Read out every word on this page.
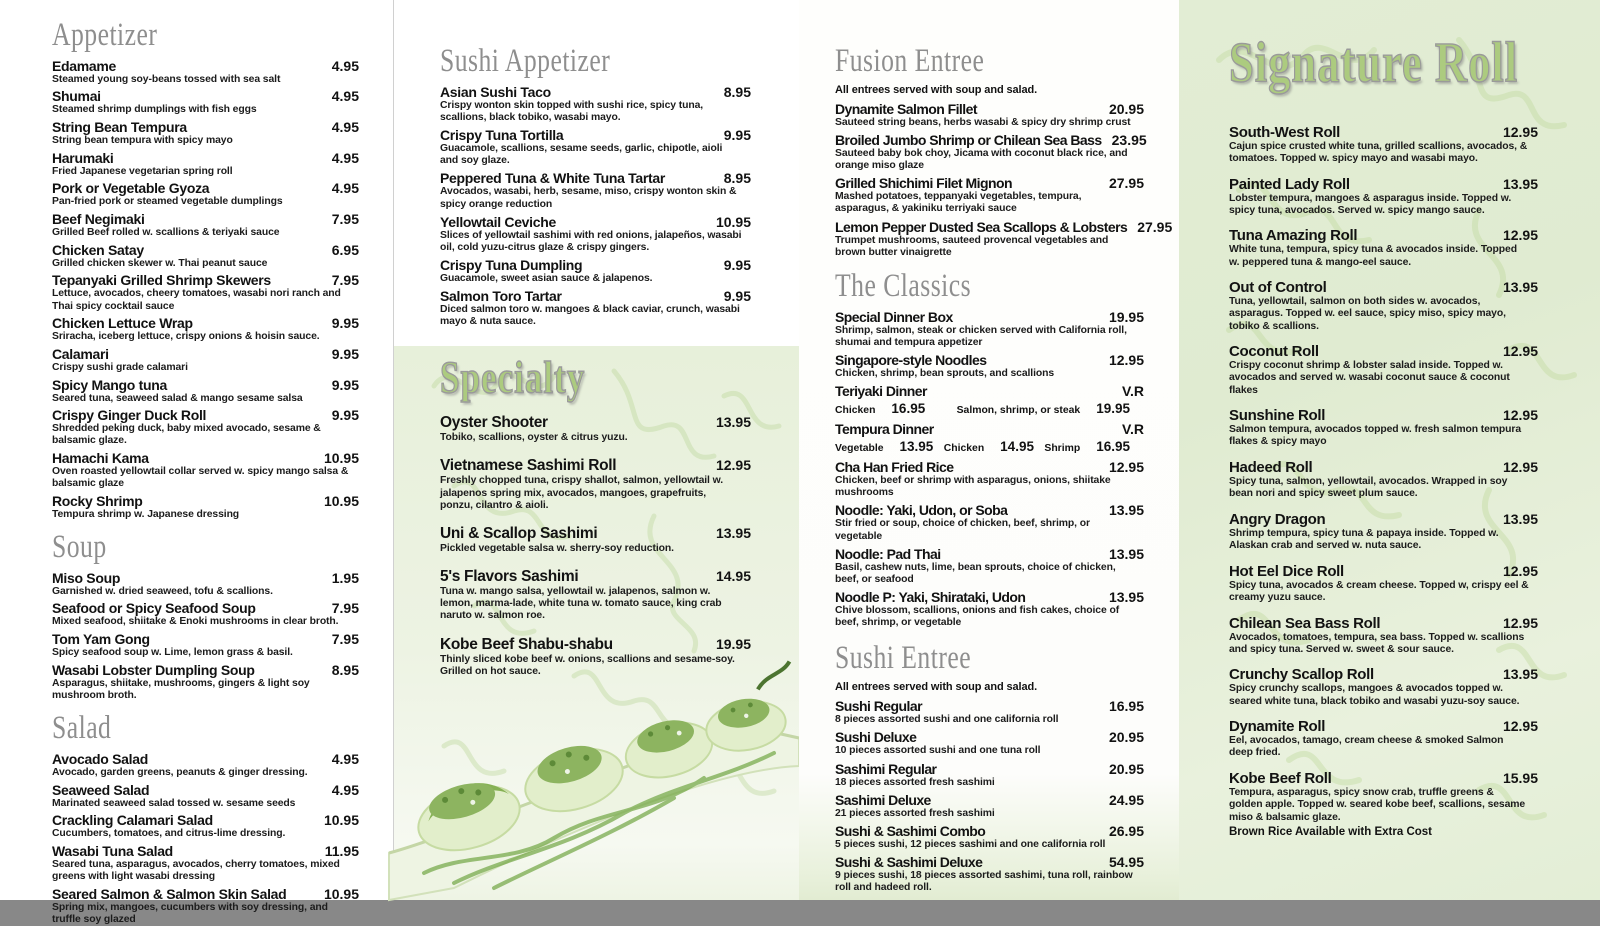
Appetizer
Edamame	4.95
Steamed young soy-beans tossed with sea salt
Shumai	4.95
Steamed shrimp dumplings with fish eggs
String Bean Tempura	4.95
String bean tempura with spicy mayo
Harumaki	4.95
Fried Japanese vegetarian spring roll
Pork or Vegetable Gyoza	4.95
Pan-fried pork or steamed vegetable dumplings
Beef Negimaki	7.95
Grilled Beef rolled w. scallions & teriyaki sauce
Chicken Satay	6.95
Grilled chicken skewer w. Thai peanut sauce
Tepanyaki Grilled Shrimp Skewers	7.95
Lettuce, avocados, cheery tomatoes, wasabi nori ranch and Thai spicy cocktail sauce
Chicken Lettuce Wrap	9.95
Sriracha, iceberg lettuce, crispy onions & hoisin sauce.
Calamari	9.95
Crispy sushi grade calamari
Spicy Mango tuna	9.95
Seared tuna, seaweed salad & mango sesame salsa
Crispy Ginger Duck Roll	9.95
Shredded peking duck, baby mixed avocado, sesame & balsamic glaze.
Hamachi Kama	10.95
Oven roasted yellowtail collar served w. spicy mango salsa & balsamic glaze
Rocky Shrimp	10.95
Tempura shrimp w. Japanese dressing
Soup
Miso Soup	1.95
Garnished w. dried seaweed, tofu & scallions.
Seafood or Spicy Seafood Soup	7.95
Mixed seafood, shiitake & Enoki mushrooms in clear broth.
Tom Yam Gong	7.95
Spicy seafood soup w. Lime, lemon grass & basil.
Wasabi Lobster Dumpling Soup	8.95
Asparagus, shiitake, mushrooms, gingers & light soy mushroom broth.
Salad
Avocado Salad	4.95
Avocado, garden greens, peanuts & ginger dressing.
Seaweed Salad	4.95
Marinated seaweed salad tossed w. sesame seeds
Crackling Calamari Salad	10.95
Cucumbers, tomatoes, and citrus-lime dressing.
Wasabi Tuna Salad	11.95
Seared tuna, asparagus, avocados, cherry tomatoes, mixed greens with light wasabi dressing
Seared Salmon & Salmon Skin Salad	10.95
Spring mix, mangoes, cucumbers with soy dressing, and truffle soy glazed
Sushi Appetizer
Asian Sushi Taco	8.95
Crispy wonton skin topped with sushi rice, spicy tuna, scallions, black tobiko, wasabi mayo.
Crispy Tuna Tortilla	9.95
Guacamole, scallions, sesame seeds, garlic, chipotle, aioli and soy glaze.
Peppered Tuna & White Tuna Tartar	8.95
Avocados, wasabi, herb, sesame, miso, crispy wonton skin & spicy orange reduction
Yellowtail Ceviche	10.95
Slices of yellowtail sashimi with red onions, jalapeños, wasabi oil, cold yuzu-citrus glaze & crispy gingers.
Crispy Tuna Dumpling	9.95
Guacamole, sweet asian sauce & jalapenos.
Salmon Toro Tartar	9.95
Diced salmon toro w. mangoes & black caviar, crunch, wasabi mayo & nuta sauce.
Specialty
Oyster Shooter	13.95
Tobiko, scallions, oyster & citrus yuzu.
Vietnamese Sashimi Roll	12.95
Freshly chopped tuna, crispy shallot, salmon, yellowtail w. jalapenos spring mix, avocados, mangoes, grapefruits, ponzu, cilantro & aioli.
Uni & Scallop Sashimi	13.95
Pickled vegetable salsa w. sherry-soy reduction.
5's Flavors Sashimi	14.95
Tuna w. mango salsa, yellowtail w. jalapenos, salmon w. lemon, marma-lade, white tuna w. tomato sauce, king crab naruto w. salmon roe.
Kobe Beef Shabu-shabu	19.95
Thinly sliced kobe beef w. onions, scallions and sesame-soy. Grilled on hot sauce.
Fusion Entree
All entrees served with soup and salad.
Dynamite Salmon Fillet	20.95
Sauteed string beans, herbs wasabi & spicy dry shrimp crust
Broiled Jumbo Shrimp or Chilean Sea Bass 23.95
Sauteed baby bok choy, Jicama with coconut black rice, and orange miso glaze
Grilled Shichimi Filet Mignon	27.95
Mashed potatoes, teppanyaki vegetables, tempura, asparagus, & yakiniku terriyaki sauce
Lemon Pepper Dusted Sea Scallops & Lobsters 27.95
Trumpet mushrooms, sauteed provencal vegetables and brown butter vinaigrette
The Classics
Special Dinner Box	19.95
Shrimp, salmon, steak or chicken served with California roll, shumai and tempura appetizer
Singapore-style Noodles	12.95
Chicken, shrimp, bean sprouts, and scallions
Teriyaki Dinner	V.R
Chicken 16.95	Salmon, shrimp, or steak 19.95
Tempura Dinner	V.R
Vegetable 13.95 Chicken 14.95 Shrimp 16.95
Cha Han Fried Rice	12.95
Chicken, beef or shrimp with asparagus, onions, shiitake mushrooms
Noodle: Yaki, Udon, or Soba	13.95
Stir fried or soup, choice of chicken, beef, shrimp, or vegetable
Noodle: Pad Thai	13.95
Basil, cashew nuts, lime, bean sprouts, choice of chicken, beef, or seafood
Noodle P: Yaki, Shirataki, Udon	13.95
Chive blossom, scallions, onions and fish cakes, choice of beef, shrimp, or vegetable
Sushi Entree
All entrees served with soup and salad.
Sushi Regular	16.95
8 pieces assorted sushi and one california roll
Sushi Deluxe	20.95
10 pieces assorted sushi and one tuna roll
Sashimi Regular	20.95
18 pieces assorted fresh sashimi
Sashimi Deluxe	24.95
21 pieces assorted fresh sashimi
Sushi & Sashimi Combo	26.95
5 pieces sushi, 12 pieces sashimi and one california roll
Sushi & Sashimi Deluxe	54.95
9 pieces sushi, 18 pieces assorted sashimi, tuna roll, rainbow roll and hadeed roll.
Signature Roll
South-West Roll	12.95
Cajun spice crusted white tuna, grilled scallions, avocados, & tomatoes. Topped w. spicy mayo and wasabi mayo.
Painted Lady Roll	13.95
Lobster tempura, mangoes & asparagus inside. Topped w. spicy tuna, avocados. Served w. spicy mango sauce.
Tuna Amazing Roll	12.95
White tuna, tempura, spicy tuna & avocados inside. Topped w. peppered tuna & mango-eel sauce.
Out of Control	13.95
Tuna, yellowtail, salmon on both sides w. avocados, asparagus. Topped w. eel sauce, spicy miso, spicy mayo, tobiko & scallions.
Coconut Roll	12.95
Crispy coconut shrimp & lobster salad inside. Topped w. avocados and served w. wasabi coconut sauce & coconut flakes
Sunshine Roll	12.95
Salmon tempura, avocados topped w. fresh salmon tempura flakes & spicy mayo
Hadeed Roll	12.95
Spicy tuna, salmon, yellowtail, avocados. Wrapped in soy bean nori and spicy sweet plum sauce.
Angry Dragon	13.95
Shrimp tempura, spicy tuna & papaya inside. Topped w. Alaskan crab and served w. nuta sauce.
Hot Eel Dice Roll	12.95
Spicy tuna, avocados & cream cheese. Topped w, crispy eel & creamy yuzu sauce.
Chilean Sea Bass Roll	12.95
Avocados, tomatoes, tempura, sea bass. Topped w. scallions and spicy tuna. Served w. sweet & sour sauce.
Crunchy Scallop Roll	13.95
Spicy crunchy scallops, mangoes & avocados topped w. seared white tuna, black tobiko and wasabi yuzu-soy sauce.
Dynamite Roll	12.95
Eel, avocados, tamago, cream cheese & smoked Salmon deep fried.
Kobe Beef Roll	15.95
Tempura, asparagus, spicy snow crab, truffle greens & golden apple. Topped w. seared kobe beef, scallions, sesame miso & balsamic glaze.
Brown Rice Available with Extra Cost
